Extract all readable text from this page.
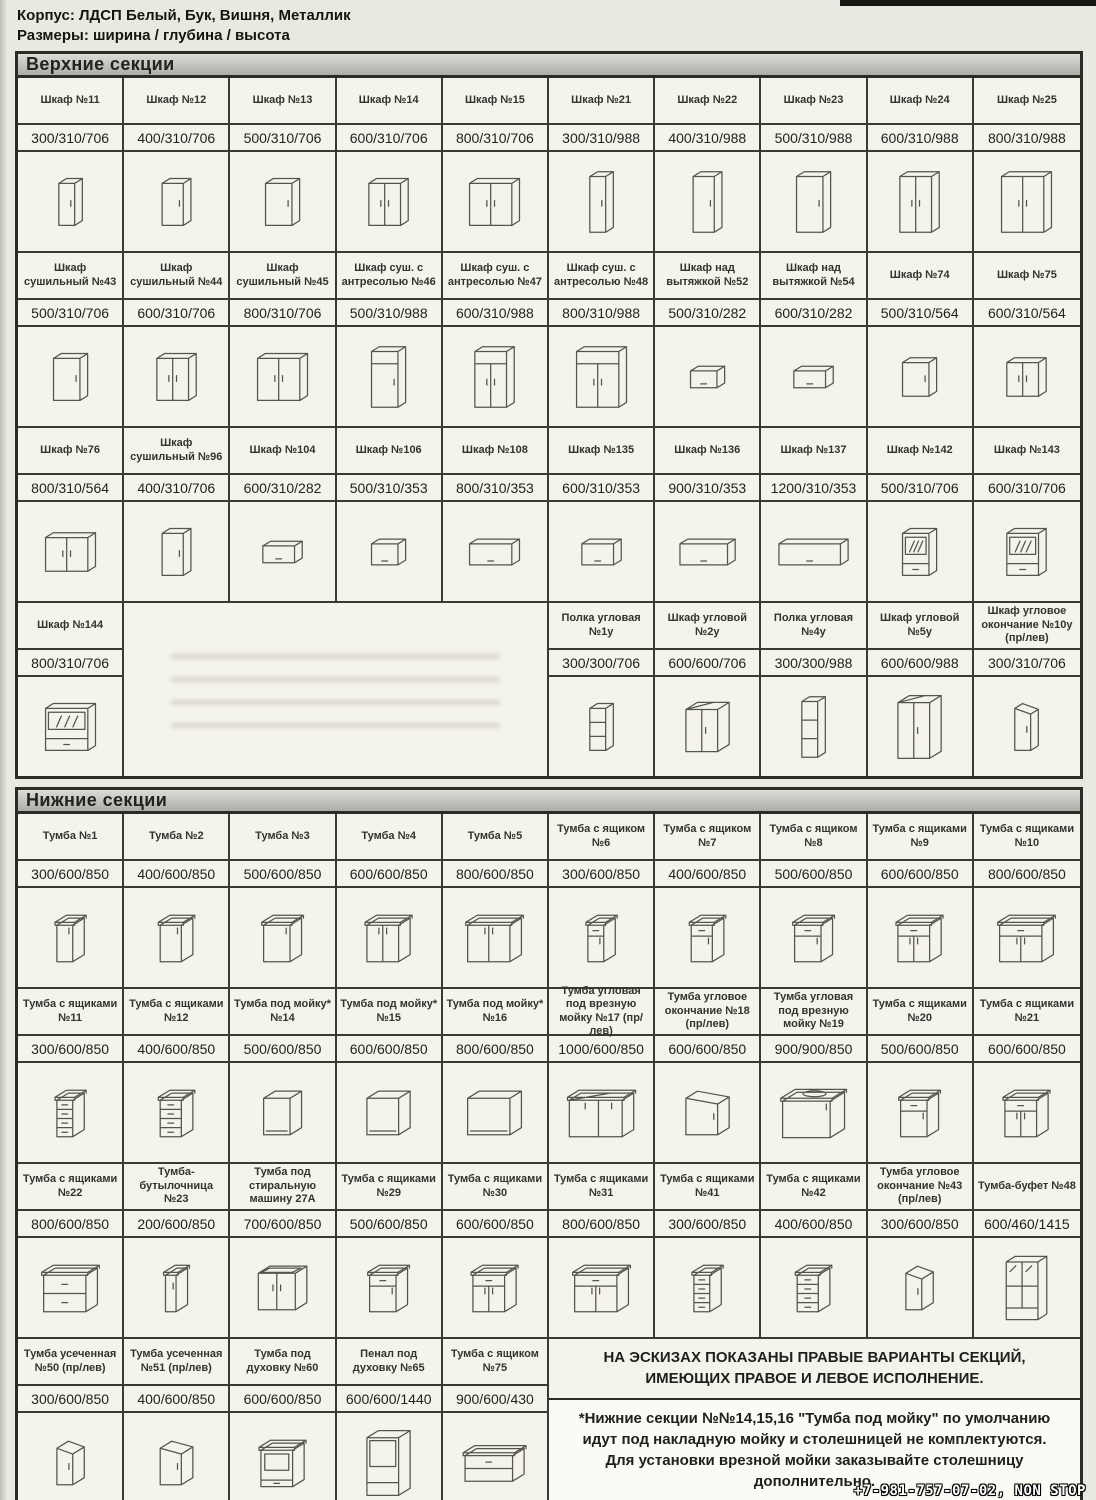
Корпус: ЛДСП Белый, Бук, Вишня, Металлик
Размеры: ширина / глубина / высота
Верхние секции
Шкаф №11
300/310/706
Шкаф №12
400/310/706
Шкаф №13
500/310/706
Шкаф №14
600/310/706
Шкаф №15
800/310/706
Шкаф №21
300/310/988
Шкаф №22
400/310/988
Шкаф №23
500/310/988
Шкаф №24
600/310/988
Шкаф №25
800/310/988
Шкаф сушильный №43
500/310/706
Шкаф сушильный №44
600/310/706
Шкаф сушильный №45
800/310/706
Шкаф суш. с антресолью №46
500/310/988
Шкаф суш. с антресолью №47
600/310/988
Шкаф суш. с антресолью №48
800/310/988
Шкаф над вытяжкой №52
500/310/282
Шкаф над вытяжкой №54
600/310/282
Шкаф №74
500/310/564
Шкаф №75
600/310/564
Шкаф №76
800/310/564
Шкаф сушильный №96
400/310/706
Шкаф №104
600/310/282
Шкаф №106
500/310/353
Шкаф №108
800/310/353
Шкаф №135
600/310/353
Шкаф №136
900/310/353
Шкаф №137
1200/310/353
Шкаф №142
500/310/706
Шкаф №143
600/310/706
Шкаф №144
800/310/706
Полка угловая №1у
300/300/706
Шкаф угловой №2у
600/600/706
Полка угловая №4у
300/300/988
Шкаф угловой №5у
600/600/988
Шкаф угловое окончание №10у (пр/лев)
300/310/706
Нижние секции
Тумба №1
300/600/850
Тумба №2
400/600/850
Тумба №3
500/600/850
Тумба №4
600/600/850
Тумба №5
800/600/850
Тумба с ящиком №6
300/600/850
Тумба с ящиком №7
400/600/850
Тумба с ящиком №8
500/600/850
Тумба с ящиками №9
600/600/850
Тумба с ящиками №10
800/600/850
Тумба с ящиками №11
300/600/850
Тумба с ящиками №12
400/600/850
Тумба под мойку* №14
500/600/850
Тумба под мойку* №15
600/600/850
Тумба под мойку* №16
800/600/850
Тумба угловая под врезную мойку №17 (пр/лев)
1000/600/850
Тумба угловое окончание №18 (пр/лев)
600/600/850
Тумба угловая под врезную мойку №19
900/900/850
Тумба с ящиками №20
500/600/850
Тумба с ящиками №21
600/600/850
Тумба с ящиками №22
800/600/850
Тумба-бутылочница №23
200/600/850
Тумба под стиральную машину 27А
700/600/850
Тумба с ящиками №29
500/600/850
Тумба с ящиками №30
600/600/850
Тумба с ящиками №31
800/600/850
Тумба с ящиками №41
300/600/850
Тумба с ящиками №42
400/600/850
Тумба угловое окончание №43 (пр/лев)
300/600/850
Тумба-буфет №48
600/460/1415
Тумба усеченная №50 (пр/лев)
300/600/850
Тумба усеченная №51 (пр/лев)
400/600/850
Тумба под духовку №60
600/600/850
Пенал под духовку №65
600/600/1440
Тумба с ящиком №75
900/600/430
НА ЭСКИЗАХ ПОКАЗАНЫ ПРАВЫЕ ВАРИАНТЫ СЕКЦИЙ, ИМЕЮЩИХ ПРАВОЕ И ЛЕВОЕ ИСПОЛНЕНИЕ.
*Нижние секции №№14,15,16 "Тумба под мойку" по умолчанию идут под накладную мойку и столешницей не комплектуются. Для установки врезной мойки заказывайте столешницу дополнительно.
+7-981-757-07-02, NON STOP
